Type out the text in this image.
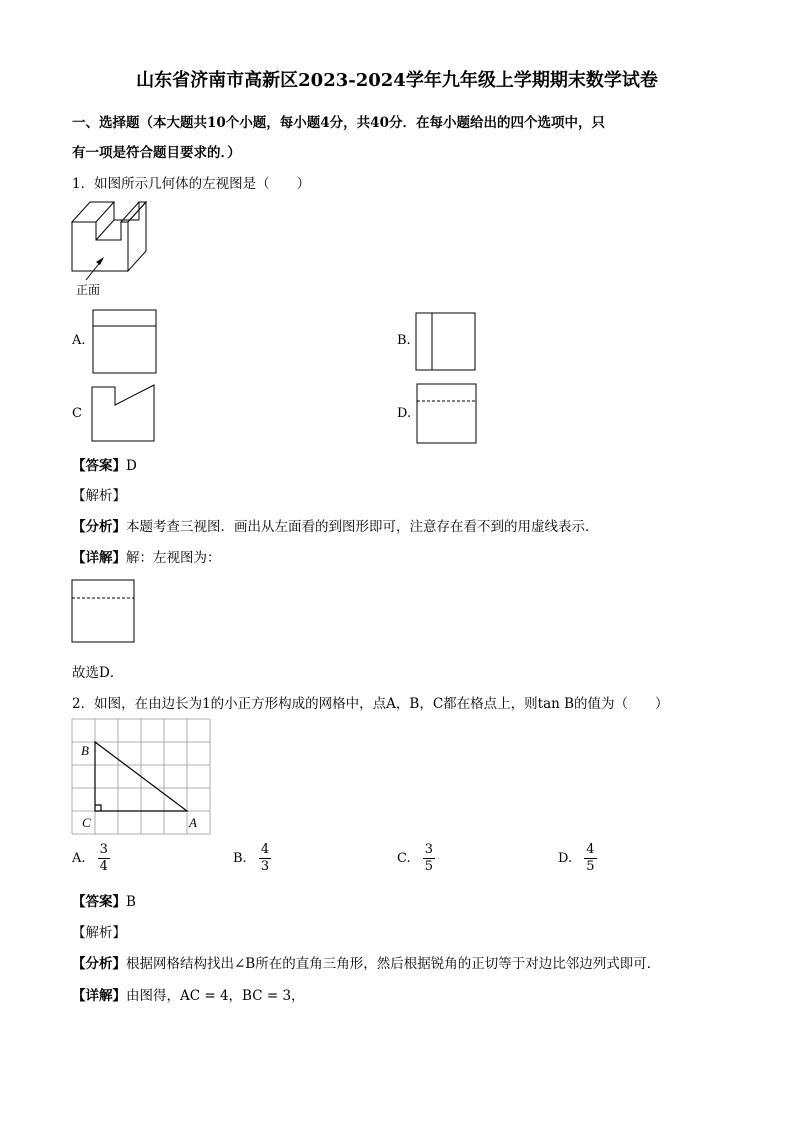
山东省济南市高新区2023-2024学年九年级上学期期末数学试卷
一、选择题（本大题共10个小题，每小题4分，共40分．在每小题给出的四个选项中，只
有一项是符合题目要求的．）
1．如图所示几何体的左视图是（　　）
正面
A.	B.
C	D.
【答案】D
【解析】
【分析】本题考查三视图．画出从左面看的到图形即可，注意存在看不到的用虚线表示．
【详解】解：左视图为：
故选D．
2．如图，在由边长为1的小正方形构成的网格中，点A，B，C都在格点上，则tan B的值为（　　）
B
C	A
A. $\frac{3}{4}$	B. $\frac{4}{3}$	C. $\frac{3}{5}$	D. $\frac{4}{5}$
【答案】B
【解析】
【分析】根据网格结构找出∠B所在的直角三角形，然后根据锐角的正切等于对边比邻边列式即可．
【详解】由图得，AC = 4，BC = 3，
